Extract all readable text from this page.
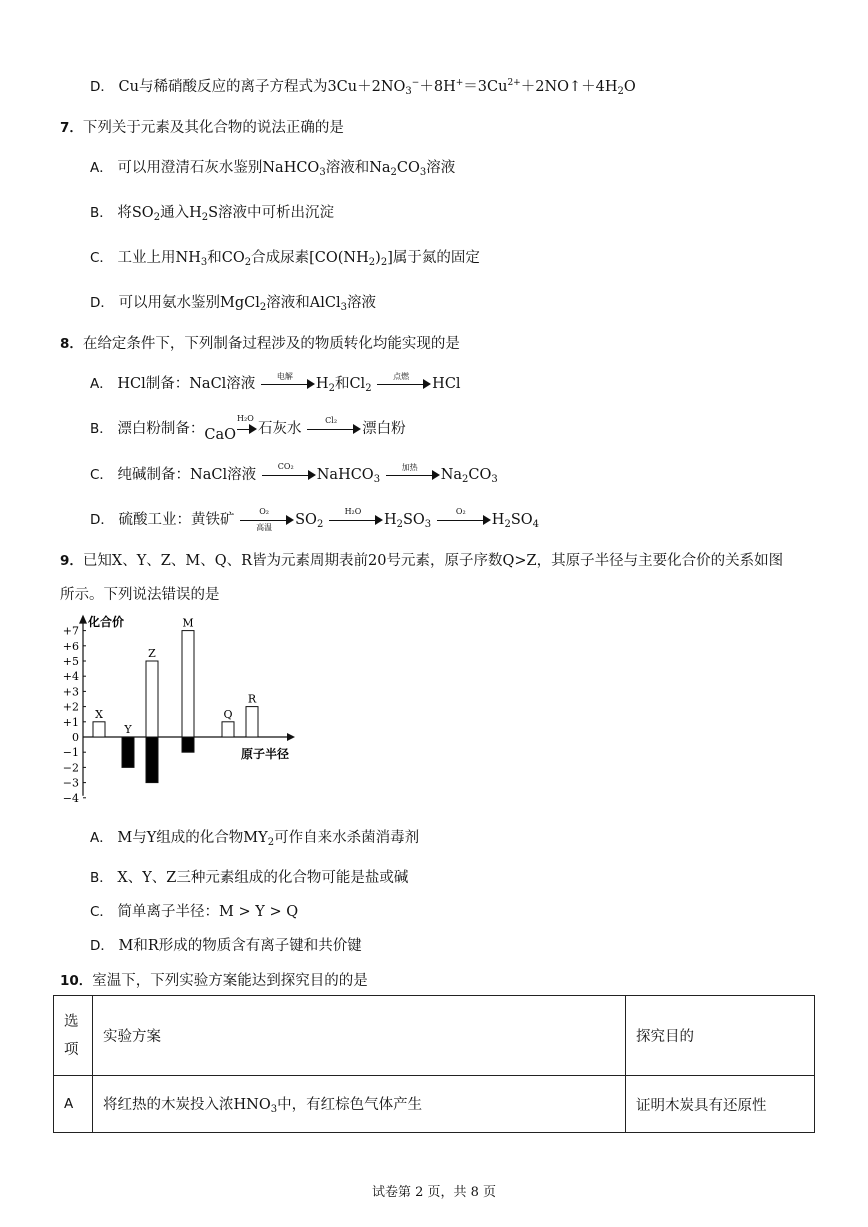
D． Cu与稀硝酸反应的离子方程式为$3Cu+2NO_3^-+8H^+=3Cu^{2+}+2NO↑+4H_2O$
7．下列关于元素及其化合物的说法正确的是
A． 可以用澄清石灰水鉴别NaHCO$_3$溶液和$Na_2CO_3$溶液
B． 将$SO_2$通入$H_2S$溶液中可析出沉淀
C． 工业上用$NH_3$和$CO_2$合成尿素$[CO(NH_2)_2]$属于氮的固定
D． 可以用氨水鉴别MgCl$_2$溶液和AlCl$_3$溶液
8．在给定条件下，下列制备过程涉及的物质转化均能实现的是
A． HCl制备：NaCl溶液	电解	$H_2$和$Cl_2$
点燃	HCl
B． 漂白粉制备：CaO
H₂O
石灰水
Cl₂
漂白粉
C． 纯碱制备：NaCl溶液
CO₂
NaHCO$_3$
加热	$Na_2CO_3$
D． 硫酸工业：黄铁矿
O₂
高温	$SO_2$
H₂O
$H_2SO_3$
O₂
$H_2SO_4$
9．已知X、Y、Z、M、Q、R皆为元素周期表前20号元素，原子序数Q>Z，其原子半径与主要化合价的关系如图
所示。下列说法错误的是
+7
+6
+5
+4
+3
+2
+1
0
−1
−2
−3
−4
X
Y
Z
M
Q
R
化合价
原子半径
A． M与Y组成的化合物$MY_2$可作自来水杀菌消毒剂
B． X、Y、Z三种元素组成的化合物可能是盐或碱
C． 简单离子半径：M > Y > Q
D． M和R形成的物质含有离子键和共价键
10．室温下，下列实验方案能达到探究目的的是
选
项	实验方案	探究目的
A	将红热的木炭投入浓$HNO_3$中，有红棕色气体产生	证明木炭具有还原性
试卷第 2 页，共 8 页
